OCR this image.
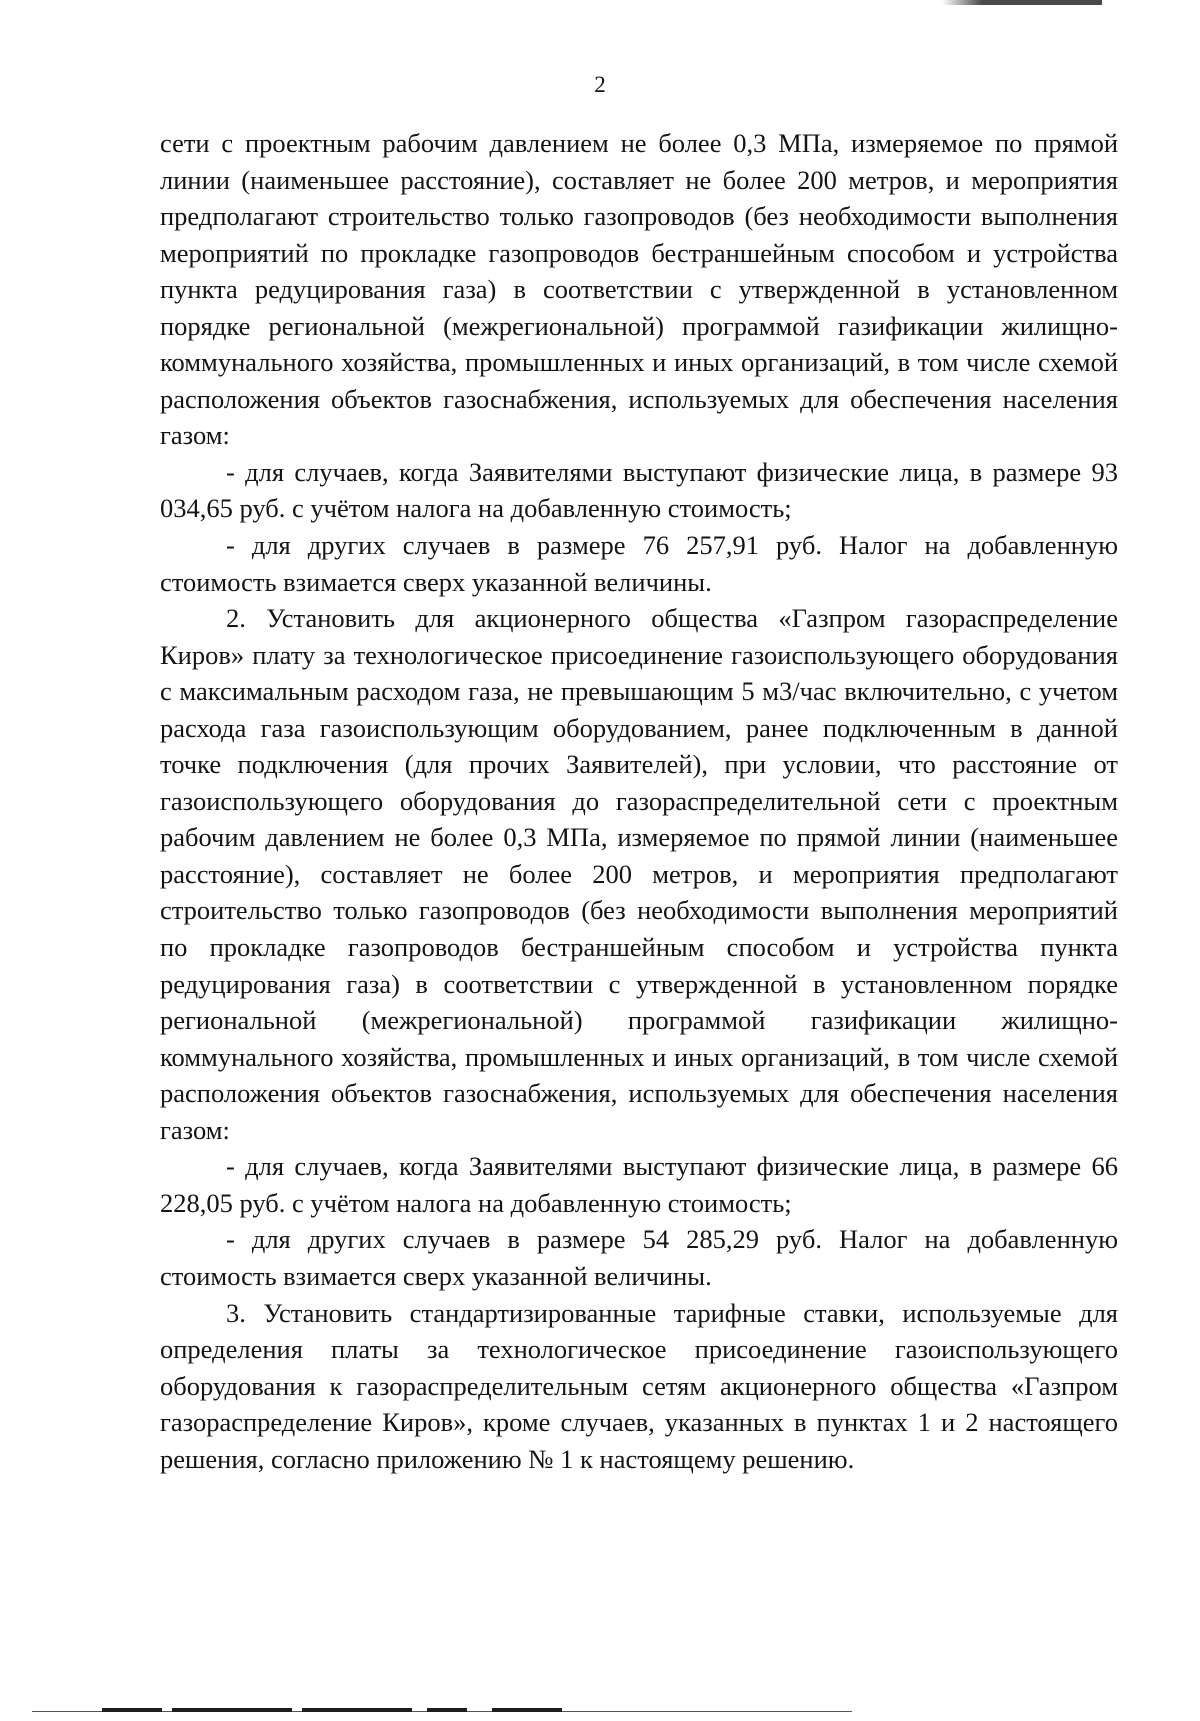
2

сети с проектным рабочим давлением не более 0,3 МПа, измеряемое по прямой линии (наименьшее расстояние), составляет не более 200 метров, и мероприятия предполагают строительство только газопроводов (без необходимости выполнения мероприятий по прокладке газопроводов бестраншейным способом и устройства пункта редуцирования газа) в соответствии с утвержденной в установленном порядке региональной (межрегиональной) программой газификации жилищно-коммунального хозяйства, промышленных и иных организаций, в том числе схемой расположения объектов газоснабжения, используемых для обеспечения населения газом:

- для случаев, когда Заявителями выступают физические лица, в размере 93 034,65 руб. с учётом налога на добавленную стоимость;

- для других случаев в размере 76 257,91 руб. Налог на добавленную стоимость взимается сверх указанной величины.

2. Установить для акционерного общества «Газпром газораспределение Киров» плату за технологическое присоединение газоиспользующего оборудования с максимальным расходом газа, не превышающим 5 м3/час включительно, с учетом расхода газа газоиспользующим оборудованием, ранее подключенным в данной точке подключения (для прочих Заявителей), при условии, что расстояние от газоиспользующего оборудования до газораспределительной сети с проектным рабочим давлением не более 0,3 МПа, измеряемое по прямой линии (наименьшее расстояние), составляет не более 200 метров, и мероприятия предполагают строительство только газопроводов (без необходимости выполнения мероприятий по прокладке газопроводов бестраншейным способом и устройства пункта редуцирования газа) в соответствии с утвержденной в установленном порядке региональной (межрегиональной) программой газификации жилищно-коммунального хозяйства, промышленных и иных организаций, в том числе схемой расположения объектов газоснабжения, используемых для обеспечения населения газом:

- для случаев, когда Заявителями выступают физические лица, в размере 66 228,05 руб. с учётом налога на добавленную стоимость;

- для других случаев в размере 54 285,29 руб. Налог на добавленную стоимость взимается сверх указанной величины.

3. Установить стандартизированные тарифные ставки, используемые для определения платы за технологическое присоединение газоиспользующего оборудования к газораспределительным сетям акционерного общества «Газпром газораспределение Киров», кроме случаев, указанных в пунктах 1 и 2 настоящего решения, согласно приложению № 1 к настоящему решению.
